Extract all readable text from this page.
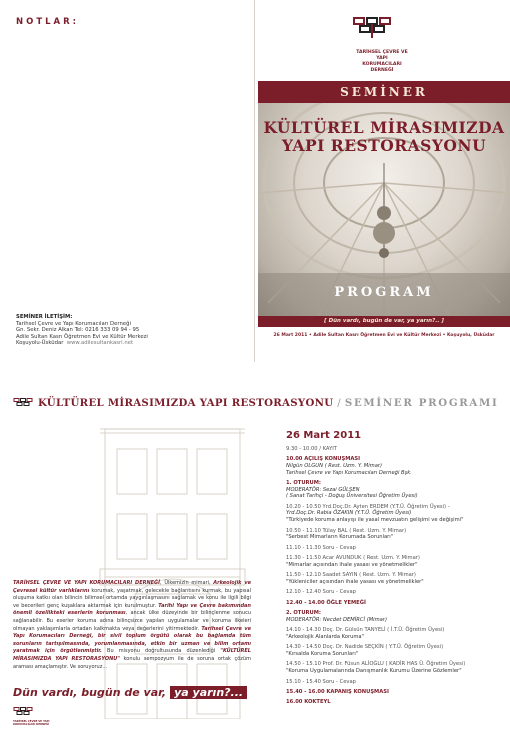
NOTLAR:
SEMİNER İLETİŞİM:
Tarihsel Çevre ve Yapı Korumacıları Derneği
Gn. Sekr. Deniz Alkan Tel: 0216 333 09 94 - 95
Adile Sultan Kasrı Öğretmen Evi ve Kültür Merkezi
Koşuyolu-Üsküdar www.adilesultankasri.net
TARİHSEL ÇEVRE VE YAPI
KORUMACILARI DERNEĞİ
SEMİNER
KÜLTÜREL MİRASIMIZDA
YAPI RESTORASYONU
PROGRAM
[ Dün vardı, bugün de var, ya yarın?.. ]
26 Mart 2011 • Adile Sultan Kasrı Öğretmen Evi ve Kültür Merkezi • Koşuyolu, Üsküdar
KÜLTÜREL MİRASIMIZDA YAPI RESTORASYONU / SEMİNER PROGRAMI
TARİHSEL ÇEVRE VE YAPI KORUMACILARI DERNEĞİ, Ülkemizin mimari, Arkeolojik ve Çevresel kültür varlıklarını korumak, yaşatmak, gelecekle bağlantısını kurmak, bu yapısal oluşuma katkıı olan bilincin bilimsel ortamda yaygınlaşmasını sağlamak ve konu ile ilgili bilgi ve becerileri genç kuşaklara aktarmak için kurulmuştur. Tarihi Yapı ve Çevre bakımından önemli özellikteki eserlerin korunması, ancak ülke düzeyinde bir bilinçlenme sonucu sağlanabilir. Bu eserler koruma adına bilinçsizce yapılan uygulamalar ve koruma ilkeleri olmayan yaklaşımlarla ortadan kalkmakta veya değerlerini yitirmektedir. Tarihsel Çevre ve Yapı Korumacıları Derneği, bir sivil toplum örgütü olarak bu bağlamda tüm sorunların tartışılmasında, yorumlanmasında, etkin bir uzman ve bilim ortamı yaratmak için örgütlenmiştir. Bu misyonu doğrultusunda düzenlediği "KÜLTÜREL MİRASIMIZDA YAPI RESTORASYONU" konulu sempozyum ile de soruna ortak çözüm araması amaçlamıştır. Ve soruyoruz...
Dün vardı, bugün de var, ya yarın?...
TARİHSEL ÇEVRE VE YAPI KORUMACILARI DERNEĞİ
26 Mart 2011
9.30 - 10.00 / KAYIT
10.00 AÇILIŞ KONUŞMASI
Nilgün OLGUN ( Rest. Uzm. Y. Mimar)
Tarihsel Çevre ve Yapı Korumacıları Derneği Bşk.
1. OTURUM:
MODERATÖR: Sezai GÜLŞEN
( Sanat Tarihçi - Doğuş Üniversitesi Öğretim Üyesi)
10.20 - 10.50 Yrd.Doç.Dr. Ayten ERDEM (Y.T.Ü. Öğretim Üyesi) -
Yrd.Doç.Dr. Rabia ÖZAKIN (Y.T.Ü. Öğretim Üyesi)
"Türkiyede koruma anlayışı ile yasal mevzuatın gelişimi ve değişimi"
10.50 - 11.10 Tülay BAL ( Rest. Uzm. Y. Mimar)
"Serbest Mimarların Korumada Sorunları"
11.10 - 11.30 Soru - Cevap
11.30 - 11.50 Acar AVUNDUK ( Rest. Uzm. Y. Mimar)
"Mimarlar açısından ihale yasası ve yönetmelikler"
11.50 - 12.10 Saadet SAYIN ( Rest. Uzm. Y. Mimar)
"Yükleniciler açısından ihale yasası ve yönetmelikler"
12.10 - 12.40 Soru - Cevap
12.40 - 14.00 ÖĞLE YEMEĞİ
2. OTURUM:
MODERATÖR: Necdet DEMİRCİ (Mimar)
14.10 - 14.30 Doç. Dr. Gülsün TANYELİ ( İ.T.Ü. Öğretim Üyesi)
"Arkeolojik Alanlarda Koruma"
14.30 - 14.50 Doç. Dr. Nadide SEÇKİN ( Y.T.Ü. Öğretim Üyesi)
"Kırsalda Koruma Sorunları"
14.50 - 15.10 Prof. Dr. Füsun ALİOĞLU ( KADİR HAS Ü. Öğretim Üyesi)
"Koruma Uygulamalarında Danışmanlık Kurumu Üzerine Gözlemler"
15.10 - 15.40 Soru - Cevap
15.40 - 16.00 KAPANIŞ KONUŞMASI
16.00 KOKTEYL
